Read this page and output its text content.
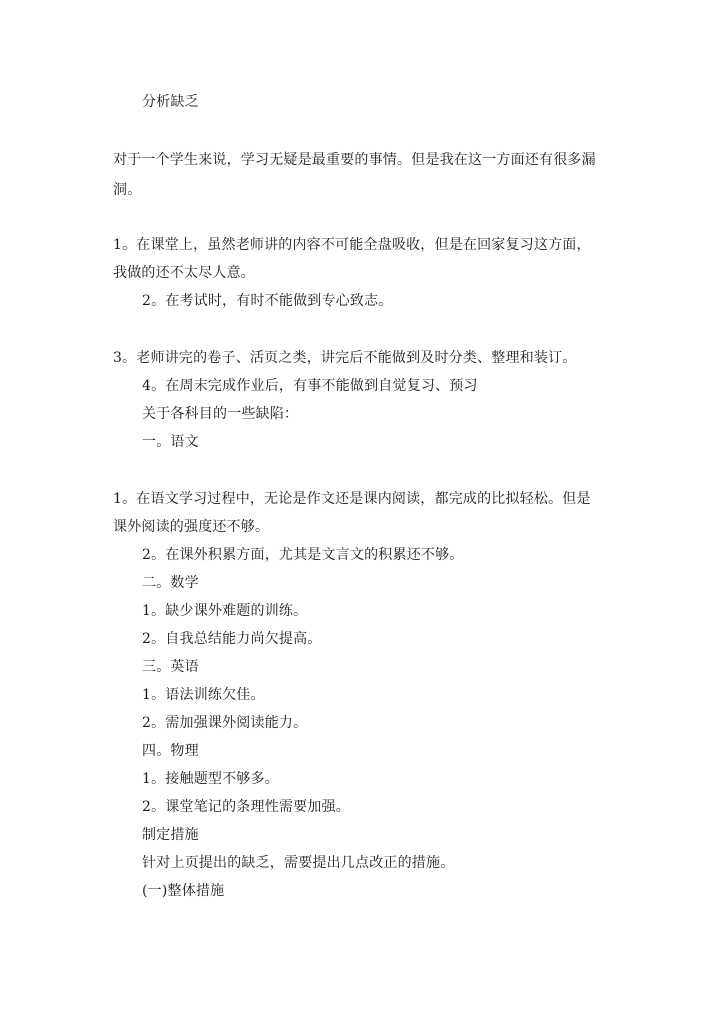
分析缺乏
对于一个学生来说，学习无疑是最重要的事情。但是我在这一方面还有很多漏
洞。
1。在课堂上，虽然老师讲的内容不可能全盘吸收，但是在回家复习这方面，
我做的还不太尽人意。
2。在考试时，有时不能做到专心致志。
3。老师讲完的卷子、活页之类，讲完后不能做到及时分类、整理和装订。
4。在周末完成作业后，有事不能做到自觉复习、预习
关于各科目的一些缺陷：
一。语文
1。在语文学习过程中，无论是作文还是课内阅读，都完成的比拟轻松。但是
课外阅读的强度还不够。
2。在课外积累方面，尤其是文言文的积累还不够。
二。数学
1。缺少课外难题的训练。
2。自我总结能力尚欠提高。
三。英语
1。语法训练欠佳。
2。需加强课外阅读能力。
四。物理
1。接触题型不够多。
2。课堂笔记的条理性需要加强。
制定措施
针对上页提出的缺乏，需要提出几点改正的措施。
(一)整体措施
